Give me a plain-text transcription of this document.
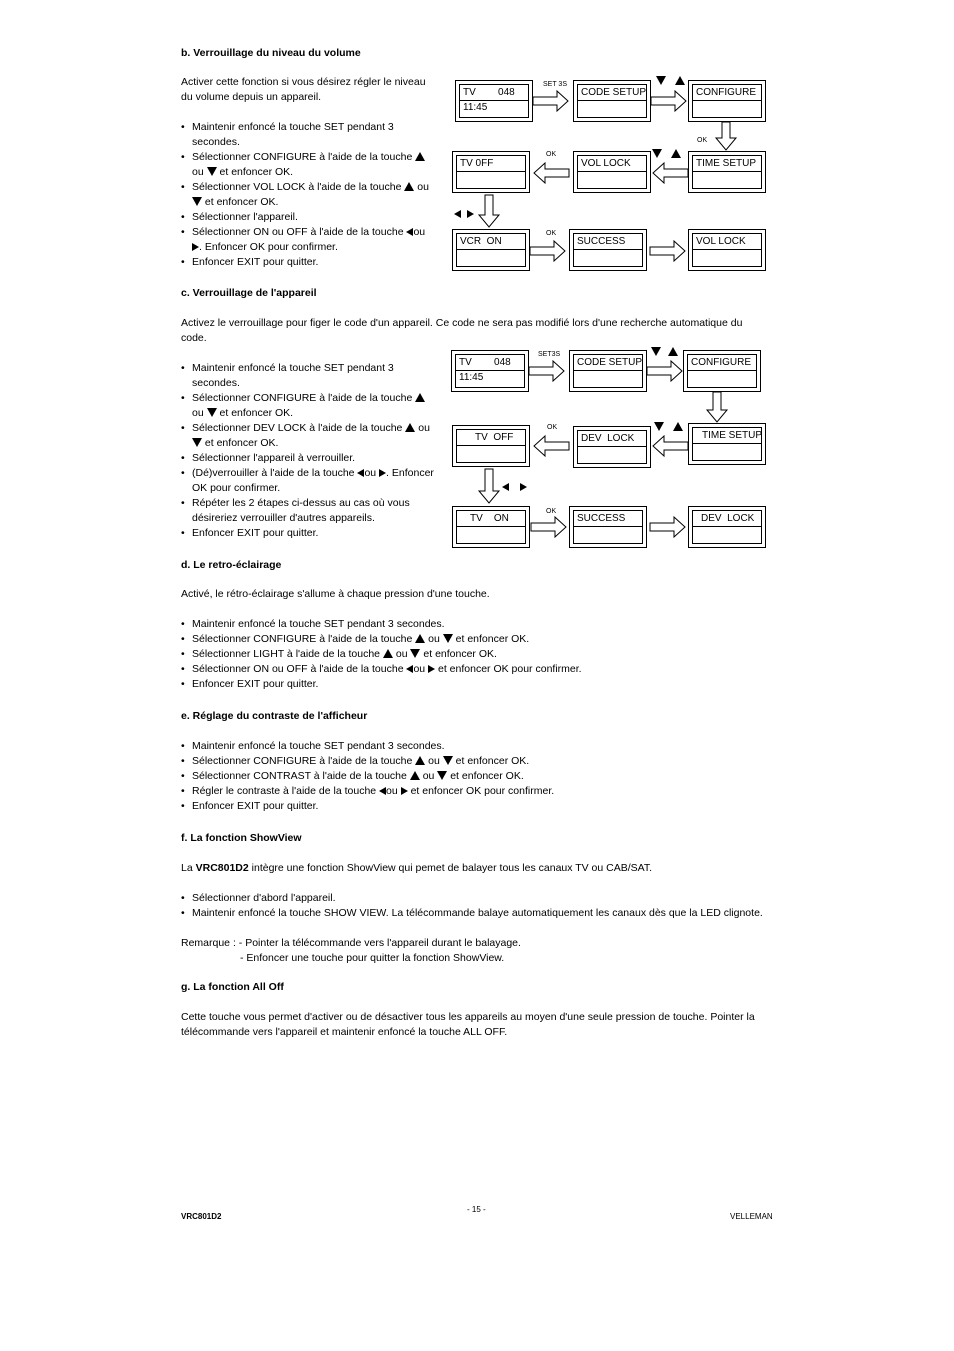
b. Verrouillage du niveau du volume
Activer cette fonction si vous désirez régler le niveau du volume depuis un appareil.
• Maintenir enfoncé la touche SET pendant 3 secondes.
• Sélectionner CONFIGURE à l'aide de la touche
ou et enfoncer OK.
• Sélectionner VOL LOCK à l'aide de la touche ou
et enfoncer OK.
• Sélectionner l'appareil.
• Sélectionner ON ou OFF à l'aide de la touche ou
. Enfoncer OK pour confirmer.
• Enfoncer EXIT pour quitter.
TV        048
11:45
CODE SETUP	CONFIGURE
TIME SETUP
VOL LOCK
TV 0FF
VCR  ON	SUCCESS	VOL LOCK
SET 3S
OK
OK
OK
c. Verrouillage de l'appareil
Activez le verrouillage pour figer le code d'un appareil. Ce code ne sera pas modifié lors d'une recherche automatique du code.
• Maintenir enfoncé la touche SET pendant 3 secondes.
• Sélectionner CONFIGURE à l'aide de la touche
ou et enfoncer OK.
• Sélectionner DEV LOCK à l'aide de la touche ou
et enfoncer OK.
• Sélectionner l'appareil à verrouiller.
• (Dé)verrouiller à l'aide de la touche ou . Enfoncer OK pour confirmer.
• Répéter les 2 étapes ci-dessus au cas où vous désireriez verrouiller d'autres appareils.
• Enfoncer EXIT pour quitter.
TV        048
11:45
CODE SETUP	CONFIGURE
TIME SETUP
DEV  LOCK
TV  OFF
TV    ON	SUCCESS	DEV  LOCK
SET3S
OK
OK
d. Le retro-éclairage
Activé, le rétro-éclairage s'allume à chaque pression d'une touche.
• Maintenir enfoncé la touche SET pendant 3 secondes.
• Sélectionner CONFIGURE à l'aide de la touche ou et enfoncer OK.
• Sélectionner LIGHT à l'aide de la touche ou et enfoncer OK.
• Sélectionner ON ou OFF à l'aide de la touche ou et enfoncer OK pour confirmer.
• Enfoncer EXIT pour quitter.
e. Réglage du contraste de l'afficheur
• Maintenir enfoncé la touche SET pendant 3 secondes.
• Sélectionner CONFIGURE à l'aide de la touche ou et enfoncer OK.
• Sélectionner CONTRAST à l'aide de la touche ou et enfoncer OK.
• Régler le contraste à l'aide de la touche ou et enfoncer OK pour confirmer.
• Enfoncer EXIT pour quitter.
f. La fonction ShowView
La VRC801D2 intègre une fonction ShowView qui pemet de balayer tous les canaux TV ou CAB/SAT.
• Sélectionner d'abord l'appareil.
• Maintenir enfoncé la touche SHOW VIEW. La télécommande balaye automatiquement les canaux dès que la LED clignote.
Remarque : - Pointer la télécommande vers l'appareil durant le balayage.
- Enfoncer une touche pour quitter la fonction ShowView.
g. La fonction All Off
Cette touche vous permet d'activer ou de désactiver tous les appareils au moyen d'une seule pression de touche. Pointer la télécommande vers l'appareil et maintenir enfoncé la touche ALL OFF.
VRC801D2
- 15 -
VELLEMAN
